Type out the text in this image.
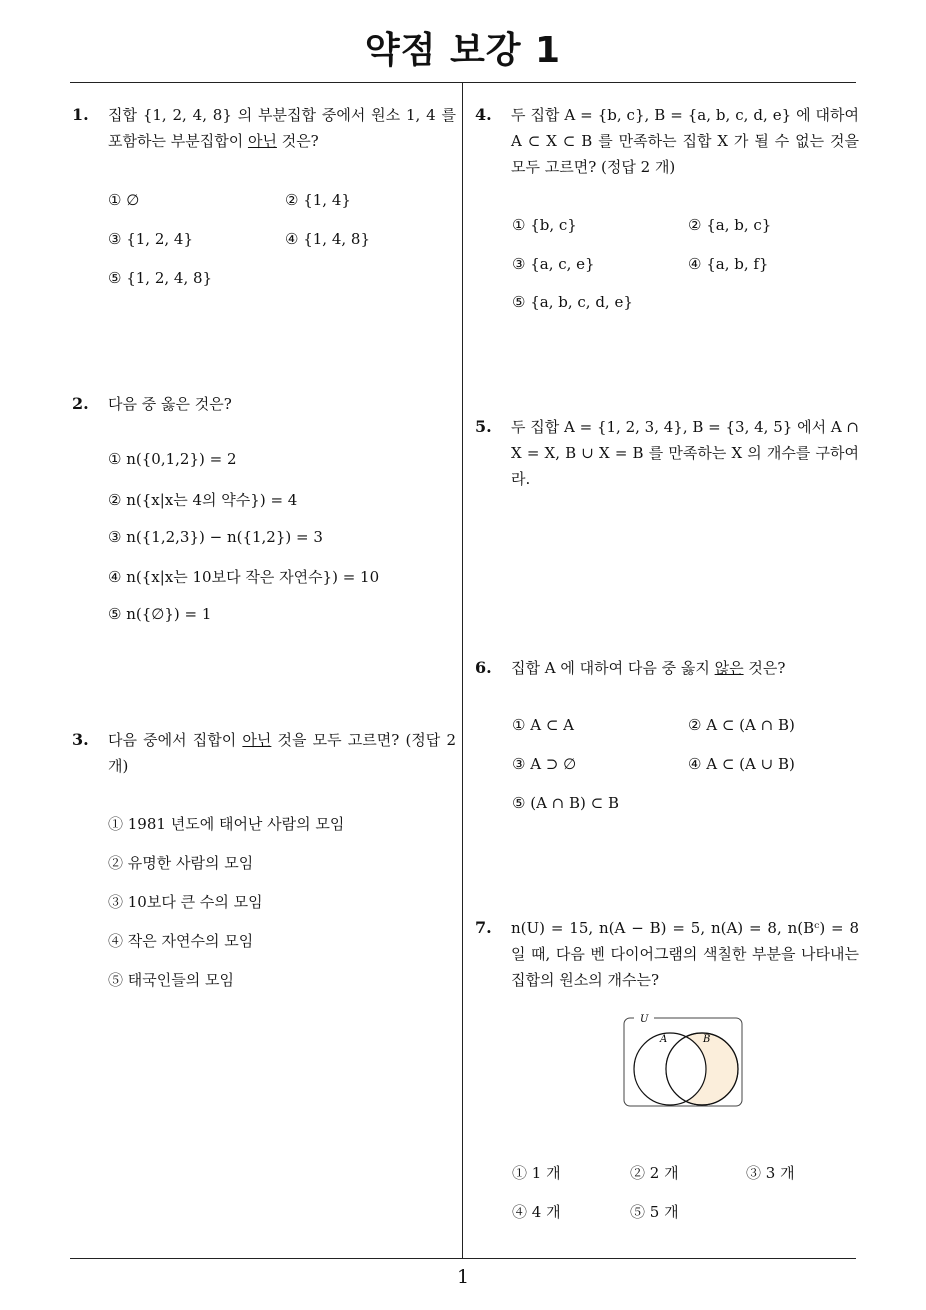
약점 보강 1
1
1. 집합 {1, 2, 4, 8} 의 부분집합 중에서 원소 1, 4 를 포함하는 부분집합이 아닌 것은?
① ∅	② {1, 4}
③ {1, 2, 4}	④ {1, 4, 8}
⑤ {1, 2, 4, 8}
2. 다음 중 옳은 것은?
① n({0,1,2}) = 2
② n({x|x는 4의 약수}) = 4
③ n({1,2,3}) − n({1,2}) = 3
④ n({x|x는 10보다 작은 자연수}) = 10
⑤ n({∅}) = 1
3. 다음 중에서 집합이 아닌 것을 모두 고르면? (정답 2 개)
① 1981 년도에 태어난 사람의 모임
② 유명한 사람의 모임
③ 10보다 큰 수의 모임
④ 작은 자연수의 모임
⑤ 태국인들의 모임
4. 두 집합 A = {b, c}, B = {a, b, c, d, e} 에 대하여 A ⊂ X ⊂ B 를 만족하는 집합 X 가 될 수 없는 것을 모두 고르면? (정답 2 개)
① {b, c}	② {a, b, c}
③ {a, c, e}	④ {a, b, f}
⑤ {a, b, c, d, e}
5. 두 집합 A = {1, 2, 3, 4}, B = {3, 4, 5} 에서 A ∩ X = X, B ∪ X = B 를 만족하는 X 의 개수를 구하여라.
6. 집합 A 에 대하여 다음 중 옳지 않은 것은?
① A ⊂ A	② A ⊂ (A ∩ B)
③ A ⊃ ∅	④ A ⊂ (A ∪ B)
⑤ (A ∩ B) ⊂ B
7. n(U) = 15, n(A − B) = 5, n(A) = 8, n(Bᶜ) = 8 일 때, 다음 벤 다이어그램의 색칠한 부분을 나타내는 집합의 원소의 개수는?
U
A	B
① 1 개	② 2 개	③ 3 개
④ 4 개	⑤ 5 개
